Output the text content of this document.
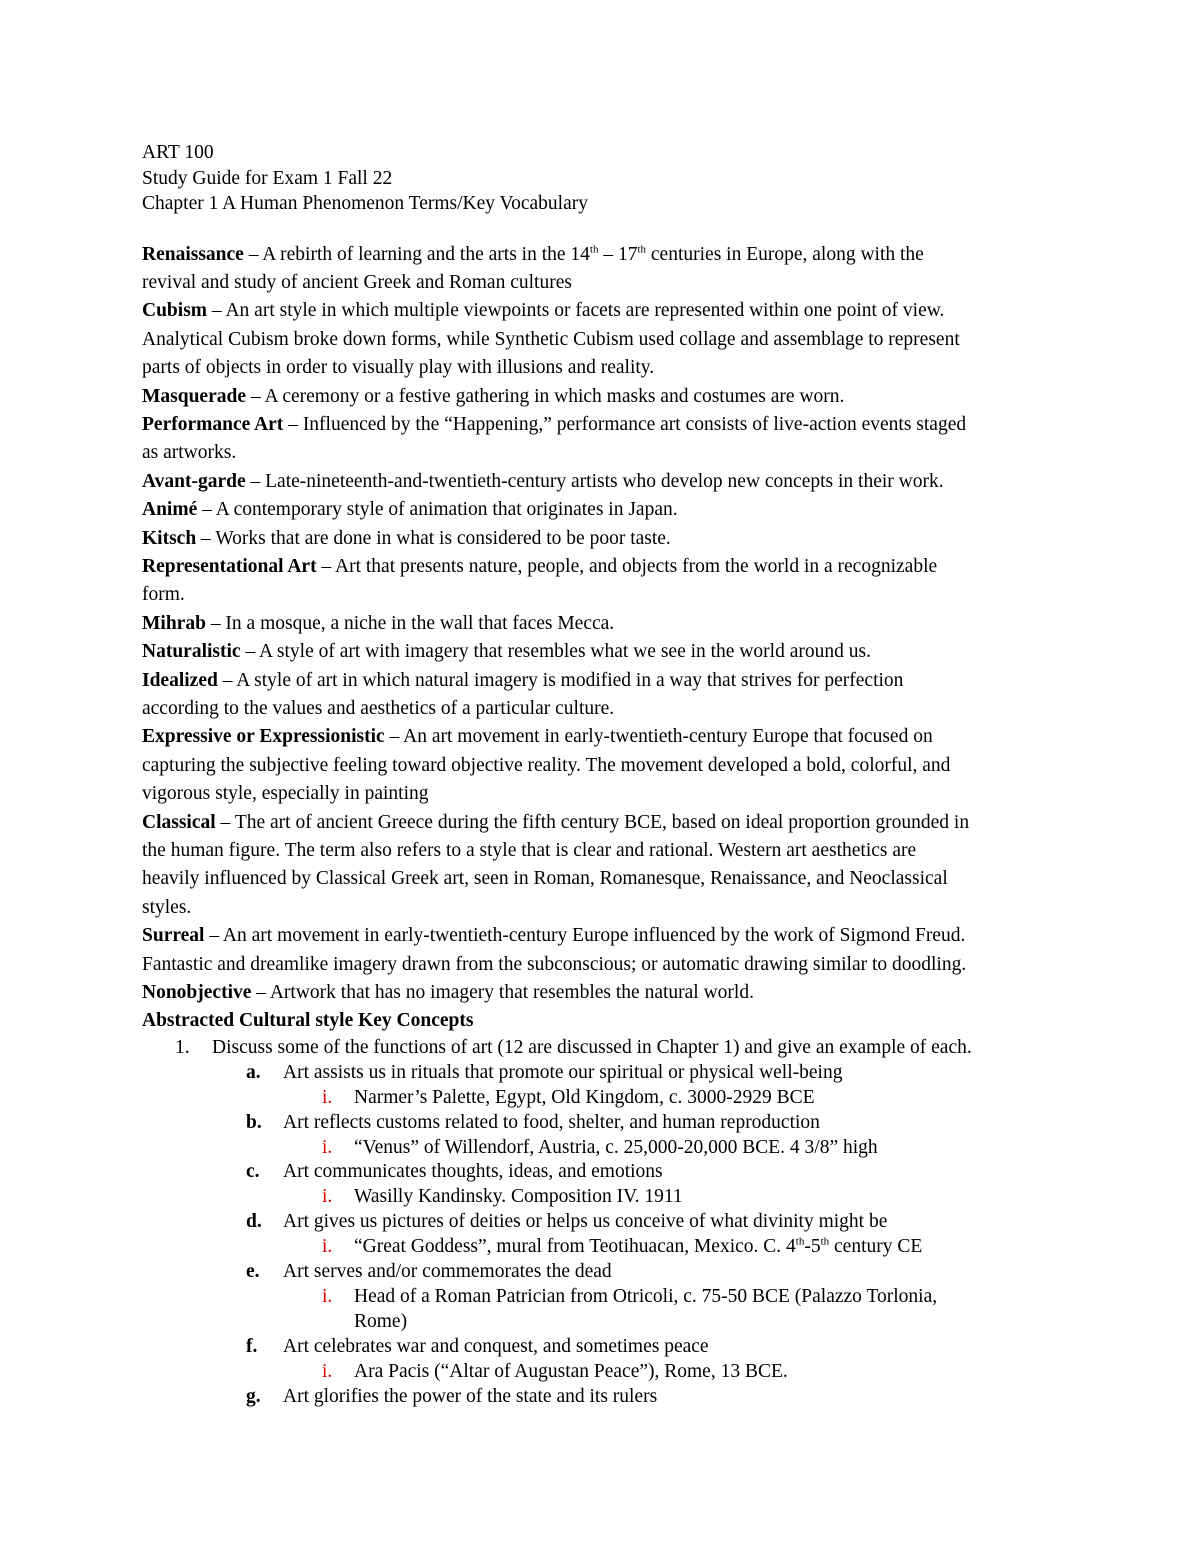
ART 100
Study Guide for Exam 1 Fall 22
Chapter 1 A Human Phenomenon Terms/Key Vocabulary
Renaissance – A rebirth of learning and the arts in the 14th – 17th centuries in Europe, along with the
revival and study of ancient Greek and Roman cultures
Cubism – An art style in which multiple viewpoints or facets are represented within one point of view.
Analytical Cubism broke down forms, while Synthetic Cubism used collage and assemblage to represent
parts of objects in order to visually play with illusions and reality.
Masquerade – A ceremony or a festive gathering in which masks and costumes are worn.
Performance Art – Influenced by the “Happening,” performance art consists of live-action events staged
as artworks.
Avant-garde – Late-nineteenth-and-twentieth-century artists who develop new concepts in their work.
Animé – A contemporary style of animation that originates in Japan.
Kitsch – Works that are done in what is considered to be poor taste.
Representational Art – Art that presents nature, people, and objects from the world in a recognizable
form.
Mihrab – In a mosque, a niche in the wall that faces Mecca.
Naturalistic – A style of art with imagery that resembles what we see in the world around us.
Idealized – A style of art in which natural imagery is modified in a way that strives for perfection
according to the values and aesthetics of a particular culture.
Expressive or Expressionistic – An art movement in early-twentieth-century Europe that focused on
capturing the subjective feeling toward objective reality. The movement developed a bold, colorful, and
vigorous style, especially in painting
Classical – The art of ancient Greece during the fifth century BCE, based on ideal proportion grounded in
the human figure. The term also refers to a style that is clear and rational. Western art aesthetics are
heavily influenced by Classical Greek art, seen in Roman, Romanesque, Renaissance, and Neoclassical
styles.
Surreal – An art movement in early-twentieth-century Europe influenced by the work of Sigmond Freud.
Fantastic and dreamlike imagery drawn from the subconscious; or automatic drawing similar to doodling.
Nonobjective – Artwork that has no imagery that resembles the natural world.
Abstracted Cultural style Key Concepts
1. Discuss some of the functions of art (12 are discussed in Chapter 1) and give an example of each.
a. Art assists us in rituals that promote our spiritual or physical well-being
i. Narmer’s Palette, Egypt, Old Kingdom, c. 3000-2929 BCE
b. Art reflects customs related to food, shelter, and human reproduction
i. “Venus” of Willendorf, Austria, c. 25,000-20,000 BCE. 4 3/8” high
c. Art communicates thoughts, ideas, and emotions
i. Wasilly Kandinsky. Composition IV. 1911
d. Art gives us pictures of deities or helps us conceive of what divinity might be
i. “Great Goddess”, mural from Teotihuacan, Mexico. C. 4th-5th century CE
e. Art serves and/or commemorates the dead
i. Head of a Roman Patrician from Otricoli, c. 75-50 BCE (Palazzo Torlonia,
Rome)
f. Art celebrates war and conquest, and sometimes peace
i. Ara Pacis (“Altar of Augustan Peace”), Rome, 13 BCE.
g. Art glorifies the power of the state and its rulers
